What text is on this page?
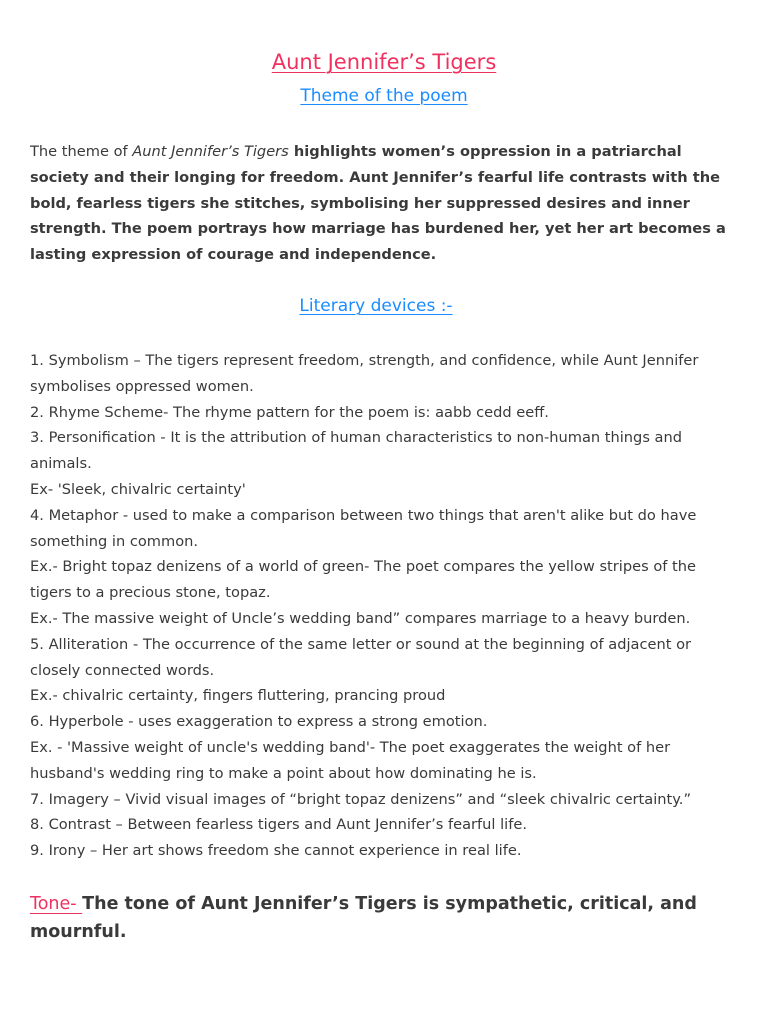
Aunt Jennifer’s Tigers
Theme of the poem

The theme of Aunt Jennifer’s Tigers highlights women’s oppression in a patriarchal society and their longing for freedom. Aunt Jennifer’s fearful life contrasts with the bold, fearless tigers she stitches, symbolising her suppressed desires and inner strength. The poem portrays how marriage has burdened her, yet her art becomes a lasting expression of courage and independence.

Literary devices :-
1. Symbolism – The tigers represent freedom, strength, and confidence, while Aunt Jennifer symbolises oppressed women.
2. Rhyme Scheme- The rhyme pattern for the poem is: aabb cedd eeff.
3. Personification - It is the attribution of human characteristics to non-human things and animals.
Ex- 'Sleek, chivalric certainty'
4. Metaphor - used to make a comparison between two things that aren't alike but do have something in common.
Ex.- Bright topaz denizens of a world of green- The poet compares the yellow stripes of the tigers to a precious stone, topaz.
Ex.- The massive weight of Uncle’s wedding band” compares marriage to a heavy burden.
5. Alliteration - The occurrence of the same letter or sound at the beginning of adjacent or closely connected words.
Ex.- chivalric certainty, fingers fluttering, prancing proud
6. Hyperbole - uses exaggeration to express a strong emotion.
Ex. - 'Massive weight of uncle's wedding band'- The poet exaggerates the weight of her husband's wedding ring to make a point about how dominating he is.
7. Imagery – Vivid visual images of “bright topaz denizens” and “sleek chivalric certainty.”
8. Contrast – Between fearless tigers and Aunt Jennifer’s fearful life.
9. Irony – Her art shows freedom she cannot experience in real life.

Tone- The tone of Aunt Jennifer’s Tigers is sympathetic, critical, and mournful.
